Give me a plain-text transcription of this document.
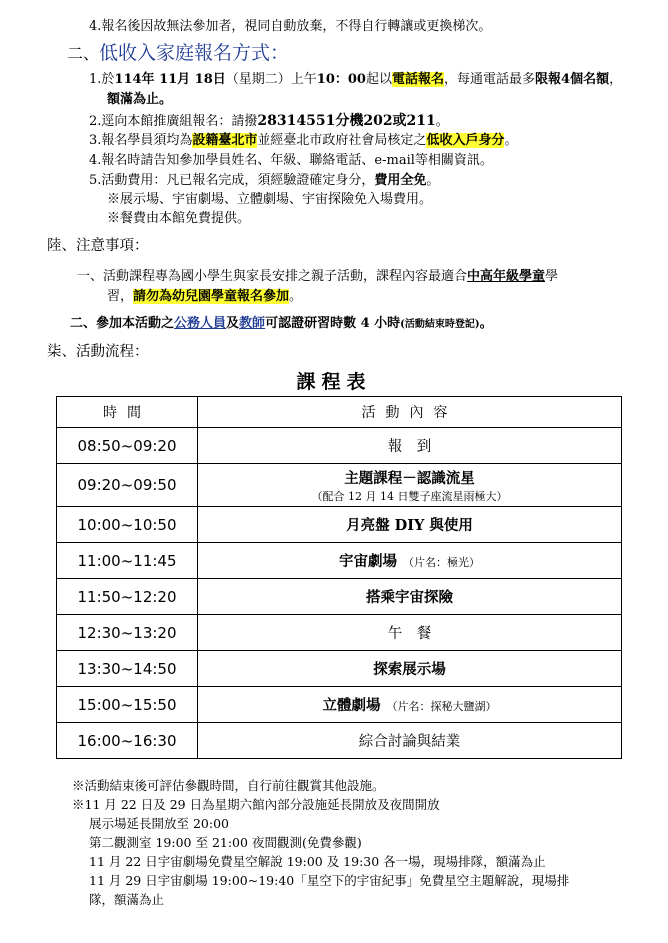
4.報名後因故無法參加者，視同自動放棄，不得自行轉讓或更換梯次。
二、低收入家庭報名方式：
1.於114年 11月 18日（星期二）上午10：00起以電話報名，每通電話最多限報4個名額，
額滿為止。
2.逕向本館推廣組報名：請撥28314551分機202或211。
3.報名學員須均為設籍臺北市並經臺北市政府社會局核定之低收入戶身分。
4.報名時請告知參加學員姓名、年級、聯絡電話、e-mail等相關資訊。
5.活動費用：凡已報名完成，須經驗證確定身分，費用全免。
※展示場、宇宙劇場、立體劇場、宇宙探險免入場費用。
※餐費由本館免費提供。
陸、注意事項：
一、活動課程專為國小學生與家長安排之親子活動，課程內容最適合中高年級學童學
習，請勿為幼兒園學童報名參加。
二、參加本活動之公務人員及教師可認證研習時數 4 小時(活動結束時登記)。
柒、活動流程：
課程表
時間	活動內容
08:50~09:20	報　到
09:20~09:50	主題課程－認識流星
（配合 12 月 14 日雙子座流星雨極大）
10:00~10:50	月亮盤 DIY 與使用
11:00~11:45	宇宙劇場 （片名：極光）
11:50~12:20	搭乘宇宙探險
12:30~13:20	午　餐
13:30~14:50	探索展示場
15:00~15:50	立體劇場 （片名：探秘大鹽湖）
16:00~16:30	綜合討論與結業
※活動結束後可評估參觀時間，自行前往觀賞其他設施。
※11 月 22 日及 29 日為星期六館內部分設施延長開放及夜間開放
展示場延長開放至 20:00
第二觀測室 19:00 至 21:00 夜間觀測(免費參觀)
11 月 22 日宇宙劇場免費星空解說 19:00 及 19:30 各一場，現場排隊，額滿為止
11 月 29 日宇宙劇場 19:00~19:40「星空下的宇宙紀事」免費星空主題解說，現場排
隊，額滿為止
